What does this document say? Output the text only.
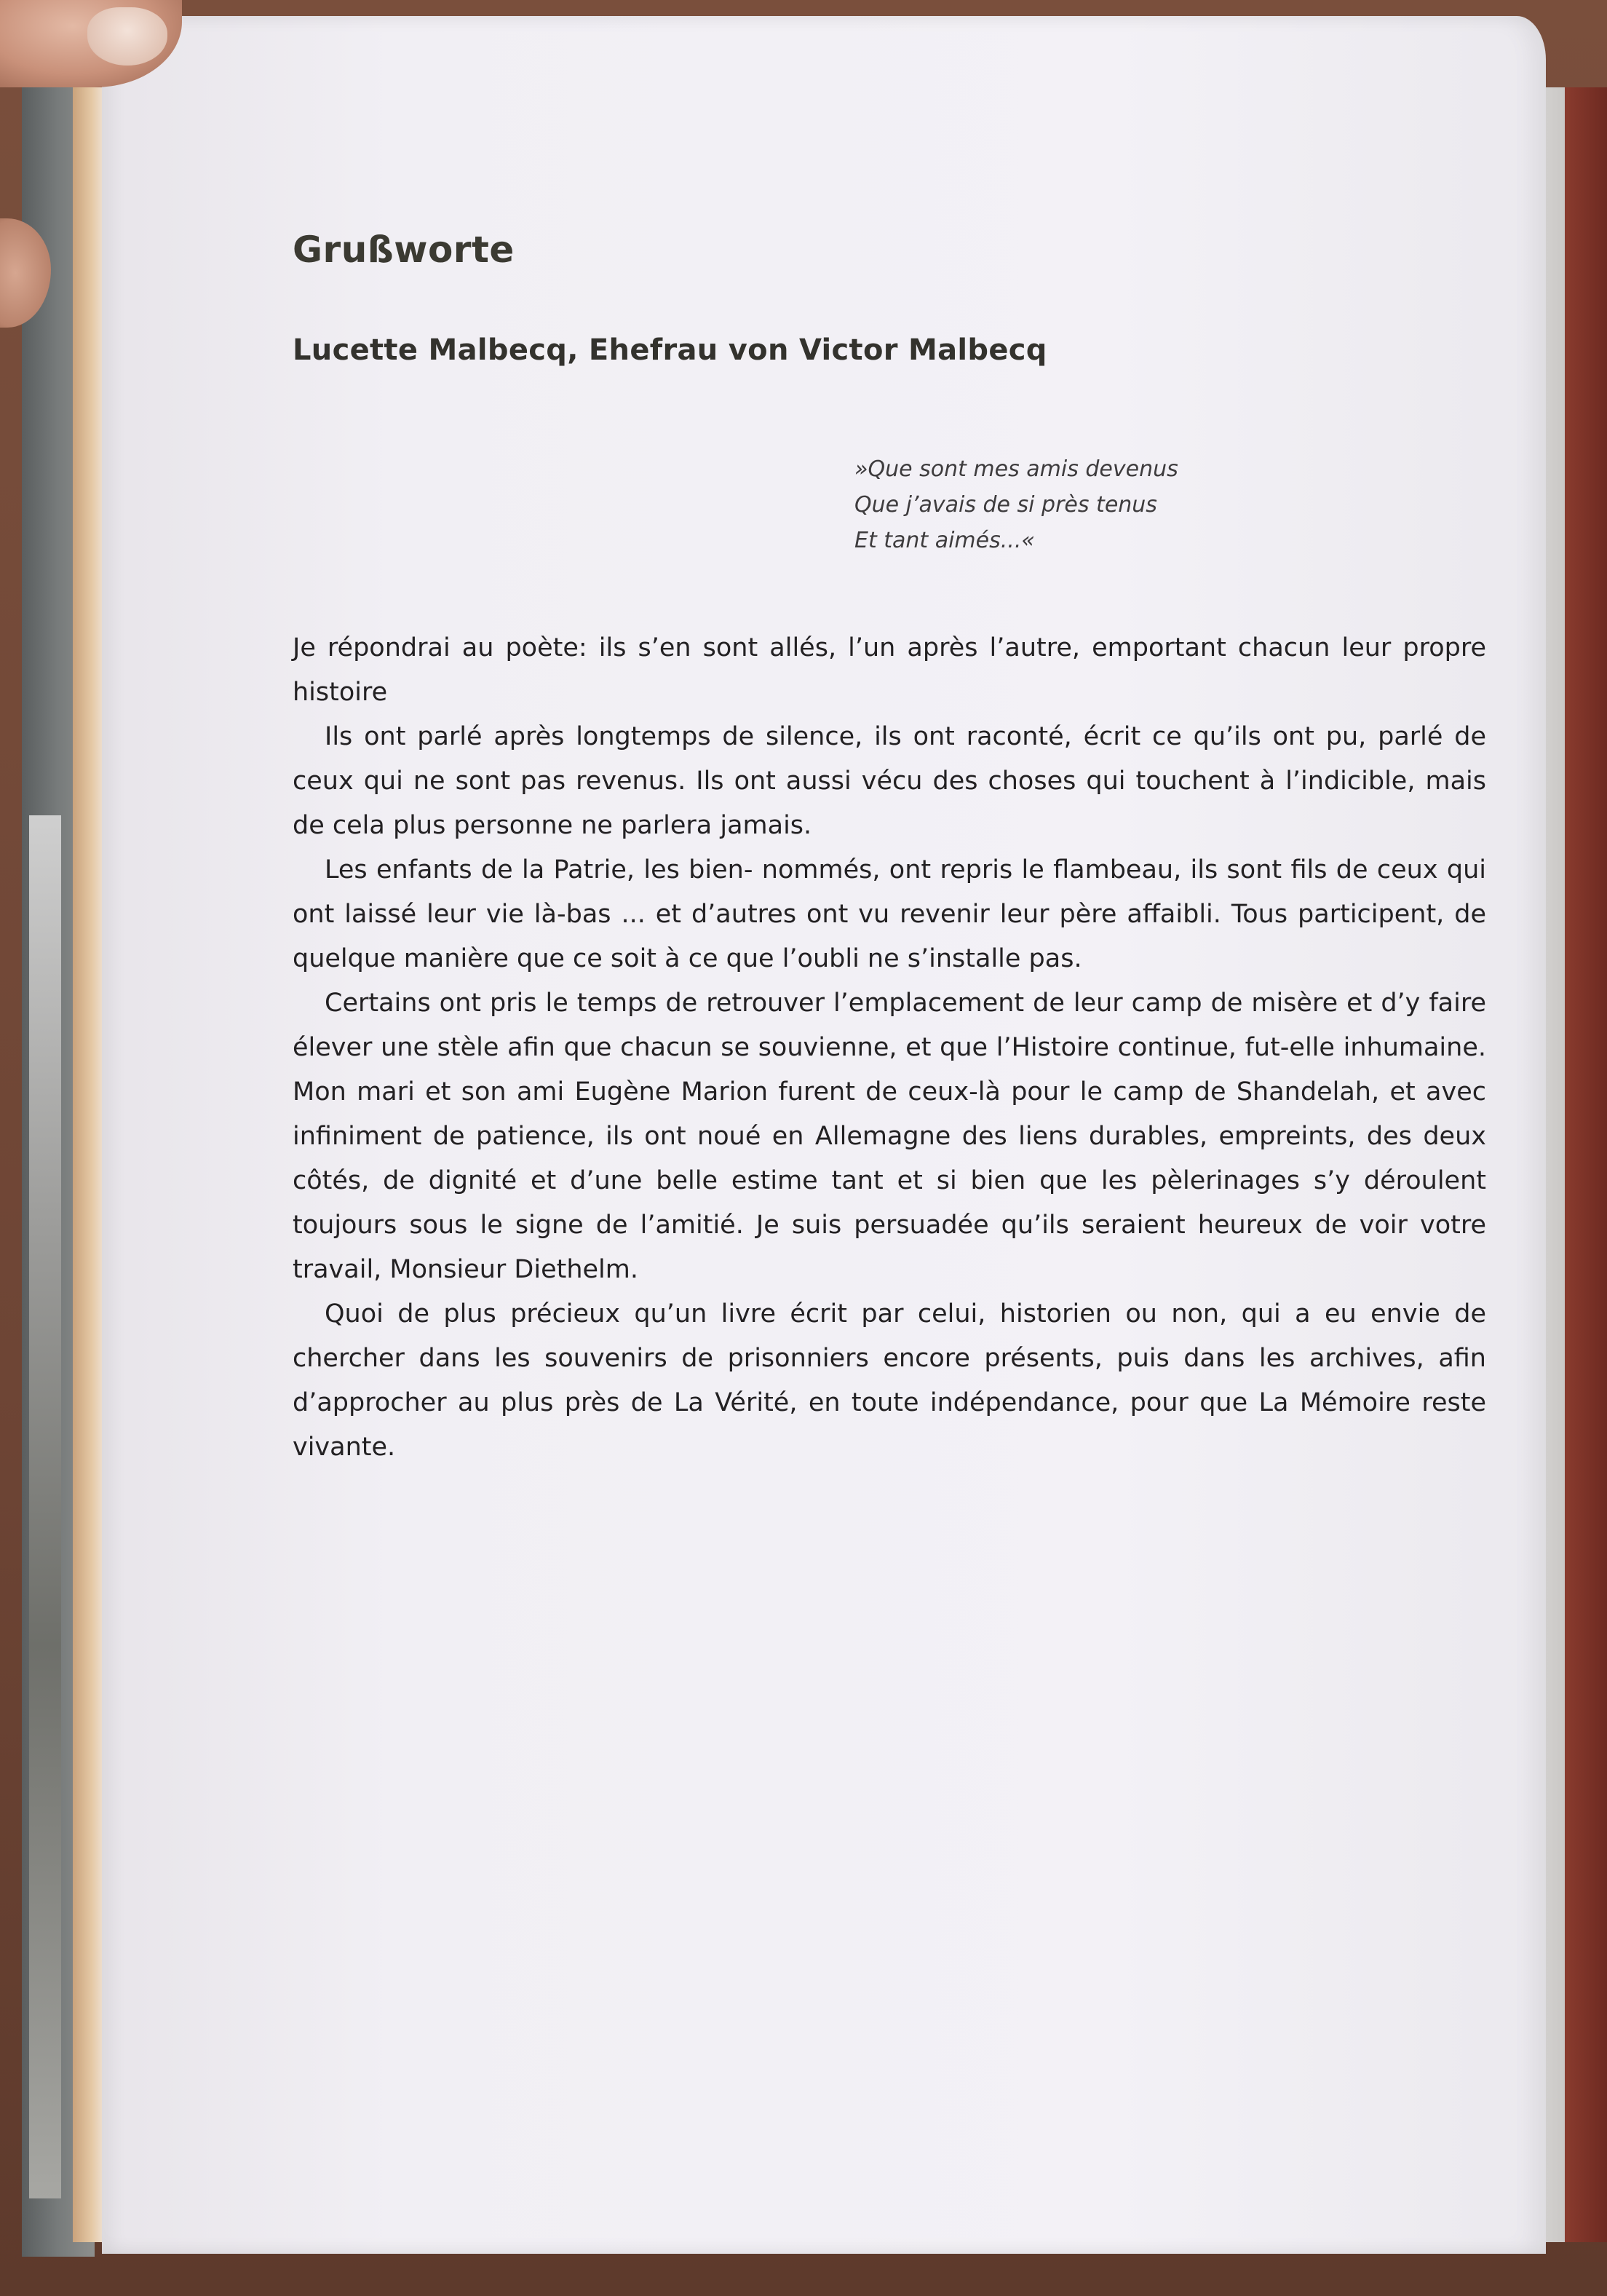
Grußworte
Lucette Malbecq, Ehefrau von Victor Malbecq
»Que sont mes amis devenus
Que j’avais de si près tenus
Et tant aimés...«

Je répondrai au poète: ils s’en sont allés, l’un après l’autre, emportant chacun leur propre histoire

Ils ont parlé après longtemps de silence, ils ont raconté, écrit ce qu’ils ont pu, parlé de ceux qui ne sont pas revenus. Ils ont aussi vécu des choses qui touchent à l’indicible, mais de cela plus personne ne parlera jamais.

Les enfants de la Patrie, les bien- nommés, ont repris le flambeau, ils sont fils de ceux qui ont laissé leur vie là-bas ... et d’autres ont vu revenir leur père affaibli. Tous participent, de quelque manière que ce soit à ce que l’oubli ne s’installe pas.

Certains ont pris le temps de retrouver l’emplacement de leur camp de misère et d’y faire élever une stèle afin que chacun se souvienne, et que l’Histoire continue, fut-elle inhumaine. Mon mari et son ami Eugène Marion furent de ceux-là pour le camp de Shandelah, et avec infiniment de patience, ils ont noué en Allemagne des liens durables, empreints, des deux côtés, de dignité et d’une belle estime tant et si bien que les pèlerinages s’y déroulent toujours sous le signe de l’amitié. Je suis persuadée qu’ils seraient heureux de voir votre travail, Monsieur Diethelm.

Quoi de plus précieux qu’un livre écrit par celui, historien ou non, qui a eu envie de chercher dans les souvenirs de prisonniers encore présents, puis dans les archives, afin d’approcher au plus près de La Vérité, en toute indépendance, pour que La Mémoire reste vivante.
